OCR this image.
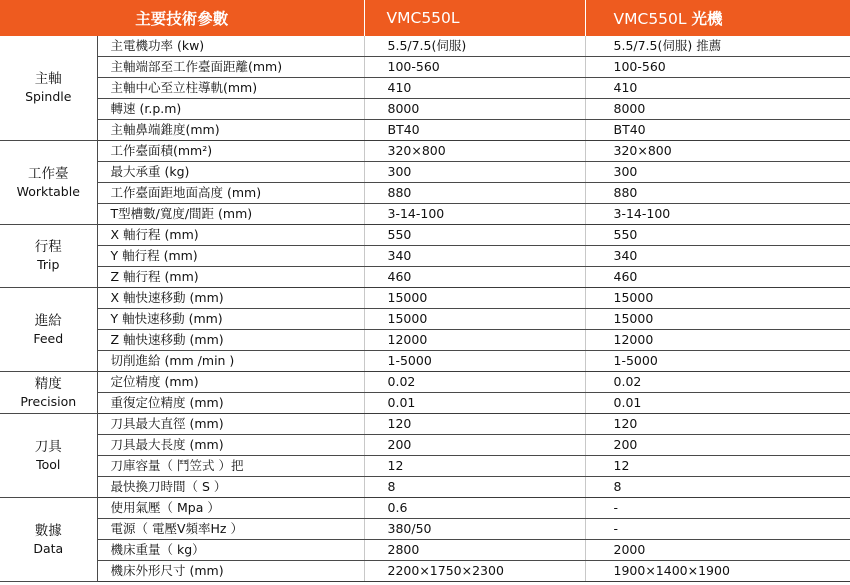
主要技術參數		VMC550L	VMC550L 光機

主軸
Spindle	主電機功率 (kw)	5.5/7.5(伺服)	5.5/7.5(伺服) 推薦
	主軸端部至工作臺面距離(mm)	100-560	100-560
	主軸中心至立柱導軌(mm)	410	410
	轉速 (r.p.m)	8000	8000
	主軸鼻端錐度(mm)	BT40	BT40

工作臺
Worktable	工作臺面積(mm²)	320×800	320×800
	最大承重 (kg)	300	300
	工作臺面距地面高度 (mm)	880	880
	T型槽數/寬度/間距 (mm)	3-14-100	3-14-100

行程
Trip	X 軸行程 (mm)	550	550
	Y 軸行程 (mm)	340	340
	Z 軸行程 (mm)	460	460

進給
Feed	X 軸快速移動 (mm)	15000	15000
	Y 軸快速移動 (mm)	15000	15000
	Z 軸快速移動 (mm)	12000	12000
	切削進給 (mm /min )	1-5000	1-5000

精度
Precision	定位精度 (mm)	0.02	0.02
	重復定位精度 (mm)	0.01	0.01

刀具
Tool	刀具最大直徑 (mm)	120	120
	刀具最大長度 (mm)	200	200
	刀庫容量（ 鬥笠式 ）把	12	12
	最快換刀時間（ S ）	8	8

數據
Data	使用氣壓（ Mpa ）	0.6	-
	電源（ 電壓V頻率Hz ）	380/50	-
	機床重量（ kg）	2800	2000
	機床外形尺寸 (mm)	2200×1750×2300	1900×1400×1900
